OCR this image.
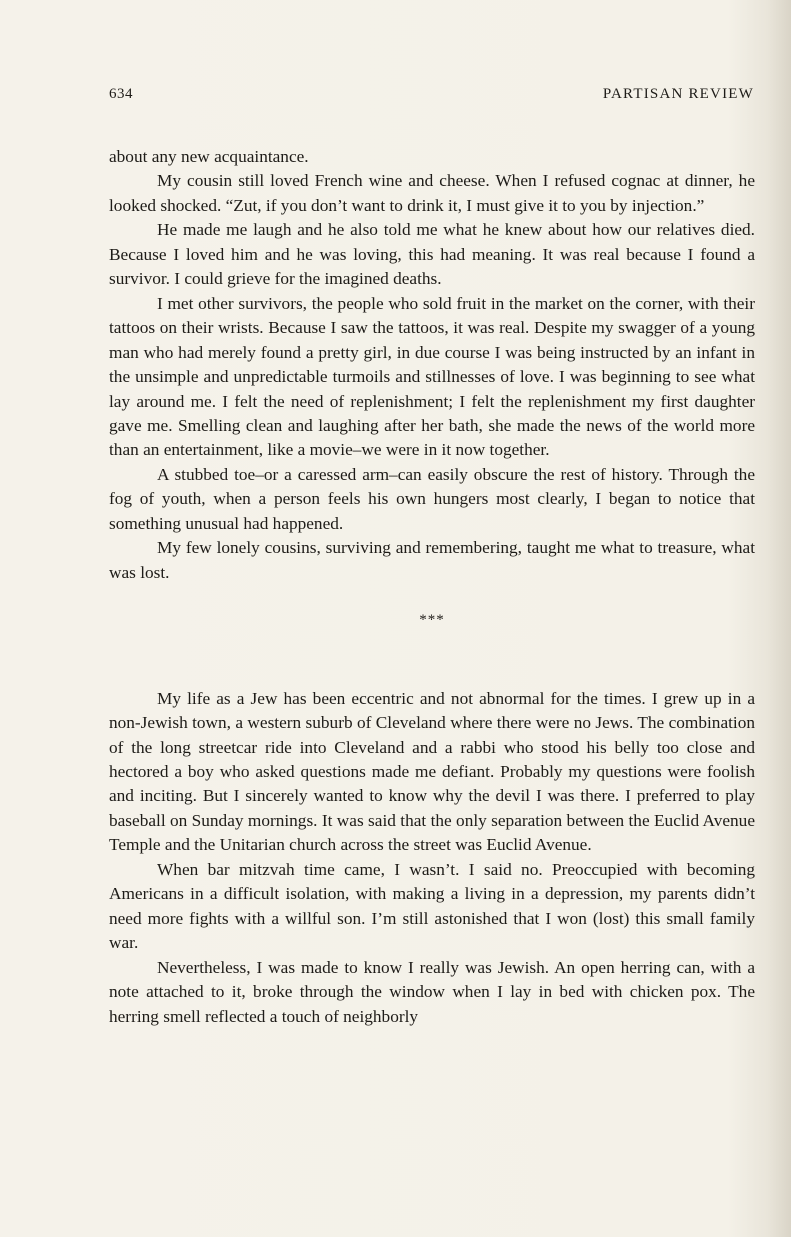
634	PARTISAN REVIEW

about any new acquaintance.

My cousin still loved French wine and cheese. When I refused cognac at dinner, he looked shocked. “Zut, if you don’t want to drink it, I must give it to you by injection.”

He made me laugh and he also told me what he knew about how our relatives died. Because I loved him and he was loving, this had meaning. It was real because I found a survivor. I could grieve for the imagined deaths.

I met other survivors, the people who sold fruit in the market on the corner, with their tattoos on their wrists. Because I saw the tattoos, it was real. Despite my swagger of a young man who had merely found a pretty girl, in due course I was being instructed by an infant in the unsimple and unpredictable turmoils and stillnesses of love. I was beginning to see what lay around me. I felt the need of replenishment; I felt the replenishment my first daughter gave me. Smelling clean and laughing after her bath, she made the news of the world more than an entertainment, like a movie–we were in it now together.

A stubbed toe–or a caressed arm–can easily obscure the rest of history. Through the fog of youth, when a person feels his own hungers most clearly, I began to notice that something unusual had happened.

My few lonely cousins, surviving and remembering, taught me what to treasure, what was lost.

***

My life as a Jew has been eccentric and not abnormal for the times. I grew up in a non-Jewish town, a western suburb of Cleveland where there were no Jews. The combination of the long streetcar ride into Cleveland and a rabbi who stood his belly too close and hectored a boy who asked questions made me defiant. Probably my questions were foolish and inciting. But I sincerely wanted to know why the devil I was there. I preferred to play baseball on Sunday mornings. It was said that the only separation between the Euclid Avenue Temple and the Unitarian church across the street was Euclid Avenue.

When bar mitzvah time came, I wasn’t. I said no. Preoccupied with becoming Americans in a difficult isolation, with making a living in a depression, my parents didn’t need more fights with a willful son. I’m still astonished that I won (lost) this small family war.

Nevertheless, I was made to know I really was Jewish. An open herring can, with a note attached to it, broke through the window when I lay in bed with chicken pox. The herring smell reflected a touch of neighborly
